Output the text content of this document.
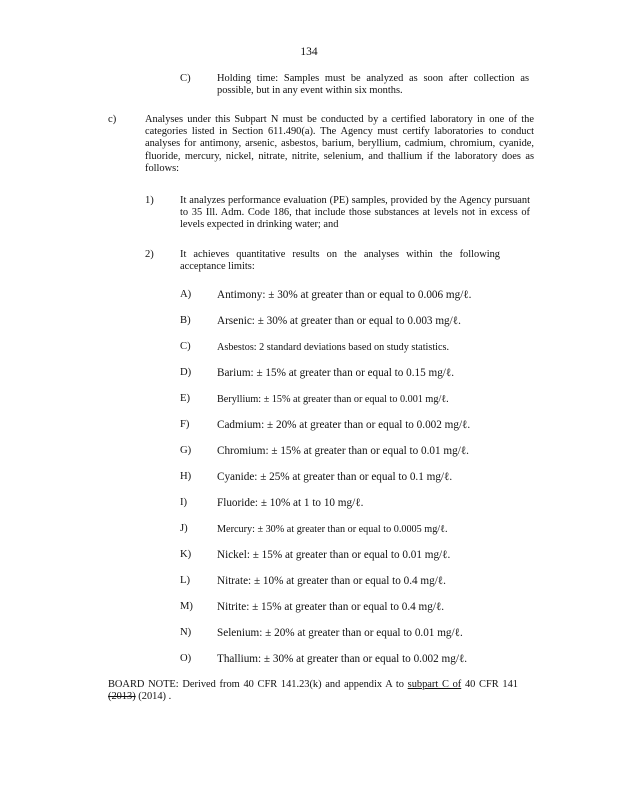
134
C)	Holding time: Samples must be analyzed as soon after collection as possible, but in any event within six months.
c)	Analyses under this Subpart N must be conducted by a certified laboratory in one of the categories listed in Section 611.490(a). The Agency must certify laboratories to conduct analyses for antimony, arsenic, asbestos, barium, beryllium, cadmium, chromium, cyanide, fluoride, mercury, nickel, nitrate, nitrite, selenium, and thallium if the laboratory does as follows:
1)	It analyzes performance evaluation (PE) samples, provided by the Agency pursuant to 35 Ill. Adm. Code 186, that include those substances at levels not in excess of levels expected in drinking water; and
2)	It achieves quantitative results on the analyses within the following acceptance limits:
A) Antimony: ± 30% at greater than or equal to 0.006 mg/ℓ.
B) Arsenic: ± 30% at greater than or equal to 0.003 mg/ℓ.
C)	Asbestos: 2 standard deviations based on study statistics.
D) Barium: ± 15% at greater than or equal to 0.15 mg/ℓ.
E)	Beryllium: ± 15% at greater than or equal to 0.001 mg/ℓ.
F) Cadmium: ± 20% at greater than or equal to 0.002 mg/ℓ.
G) Chromium: ± 15% at greater than or equal to 0.01 mg/ℓ.
H) Cyanide: ± 25% at greater than or equal to 0.1 mg/ℓ.
I)	Fluoride: ± 10% at 1 to 10 mg/ℓ.
J)	Mercury: ± 30% at greater than or equal to 0.0005 mg/ℓ.
K) Nickel: ± 15% at greater than or equal to 0.01 mg/ℓ.
L) Nitrate: ± 10% at greater than or equal to 0.4 mg/ℓ.
M) Nitrite: ± 15% at greater than or equal to 0.4 mg/ℓ.
N) Selenium: ± 20% at greater than or equal to 0.01 mg/ℓ.
O) Thallium: ± 30% at greater than or equal to 0.002 mg/ℓ.
BOARD NOTE: Derived from 40 CFR 141.23(k) and appendix A to subpart C of 40 CFR 141 (2013) (2014) .
